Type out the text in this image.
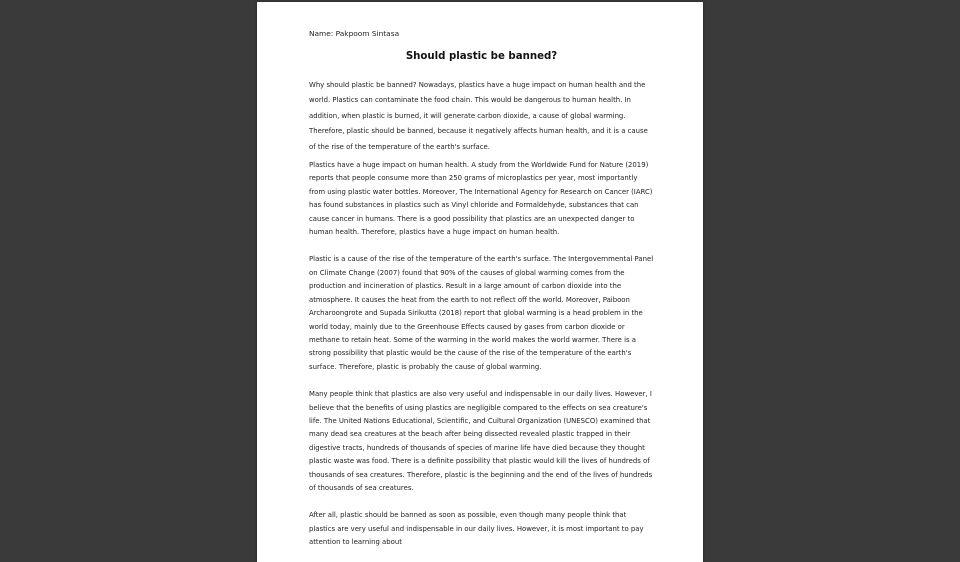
Name: Pakpoom Sintasa

Should plastic be banned?

Why should plastic be banned? Nowadays, plastics have a huge impact on human health and the world. Plastics can contaminate the food chain. This would be dangerous to human health. In addition, when plastic is burned, it will generate carbon dioxide, a cause of global warming. Therefore, plastic should be banned, because it negatively affects human health, and it is a cause of the rise of the temperature of the earth's surface.

Plastics have a huge impact on human health. A study from the Worldwide Fund for Nature (2019) reports that people consume more than 250 grams of microplastics per year, most importantly from using plastic water bottles. Moreover, The International Agency for Research on Cancer (IARC) has found substances in plastics such as Vinyl chloride and Formaldehyde, substances that can cause cancer in humans. There is a good possibility that plastics are an unexpected danger to human health. Therefore, plastics have a huge impact on human health.

Plastic is a cause of the rise of the temperature of the earth's surface. The Intergovernmental Panel on Climate Change (2007) found that 90% of the causes of global warming comes from the production and incineration of plastics. Result in a large amount of carbon dioxide into the atmosphere. It causes the heat from the earth to not reflect off the world. Moreover, Paiboon Archaroongrote and Supada Sirikutta (2018) report that global warming is a head problem in the world today, mainly due to the Greenhouse Effects caused by gases from carbon dioxide or methane to retain heat. Some of the warming in the world makes the world warmer. There is a strong possibility that plastic would be the cause of the rise of the temperature of the earth's surface. Therefore, plastic is probably the cause of global warming.

Many people think that plastics are also very useful and indispensable in our daily lives. However, I believe that the benefits of using plastics are negligible compared to the effects on sea creature's life. The United Nations Educational, Scientific, and Cultural Organization (UNESCO) examined that many dead sea creatures at the beach after being dissected revealed plastic trapped in their digestive tracts, hundreds of thousands of species of marine life have died because they thought plastic waste was food. There is a definite possibility that plastic would kill the lives of hundreds of thousands of sea creatures. Therefore, plastic is the beginning and the end of the lives of hundreds of thousands of sea creatures.

After all, plastic should be banned as soon as possible, even though many people think that plastics are very useful and indispensable in our daily lives. However, it is most important to pay attention to learning about
